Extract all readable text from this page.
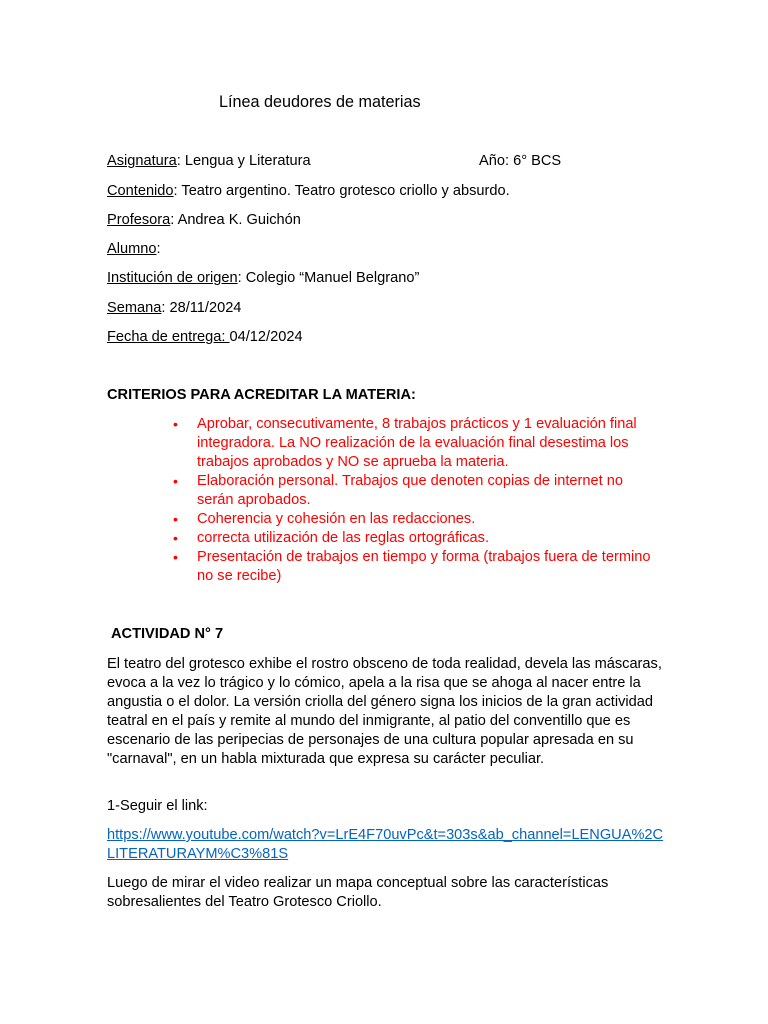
Línea deudores de materias
Asignatura: Lengua y Literatura	Año: 6° BCS
Contenido: Teatro argentino. Teatro grotesco criollo y absurdo.
Profesora: Andrea K. Guichón
Alumno:
Institución de origen: Colegio “Manuel Belgrano”
Semana: 28/11/2024
Fecha de entrega: 04/12/2024
CRITERIOS PARA ACREDITAR LA MATERIA:
• Aprobar, consecutivamente, 8 trabajos prácticos y 1 evaluación final integradora. La NO realización de la evaluación final desestima los trabajos aprobados y NO se aprueba la materia.
• Elaboración personal. Trabajos que denoten copias de internet no serán aprobados.
• Coherencia y cohesión en las redacciones.
• correcta utilización de las reglas ortográficas.
• Presentación de trabajos en tiempo y forma (trabajos fuera de termino no se recibe)
ACTIVIDAD N° 7

El teatro del grotesco exhibe el rostro obsceno de toda realidad, devela las máscaras, evoca a la vez lo trágico y lo cómico, apela a la risa que se ahoga al nacer entre la angustia o el dolor. La versión criolla del género signa los inicios de la gran actividad teatral en el país y remite al mundo del inmigrante, al patio del conventillo que es escenario de las peripecias de personajes de una cultura popular apresada en su "carnaval", en un habla mixturada que expresa su carácter peculiar.

1-Seguir el link:

https://www.youtube.com/watch?v=LrE4F70uvPc&t=303s&ab_channel=LENGUA%2CLITERATURAYM%C3%81S

Luego de mirar el video realizar un mapa conceptual sobre las características sobresalientes del Teatro Grotesco Criollo.
